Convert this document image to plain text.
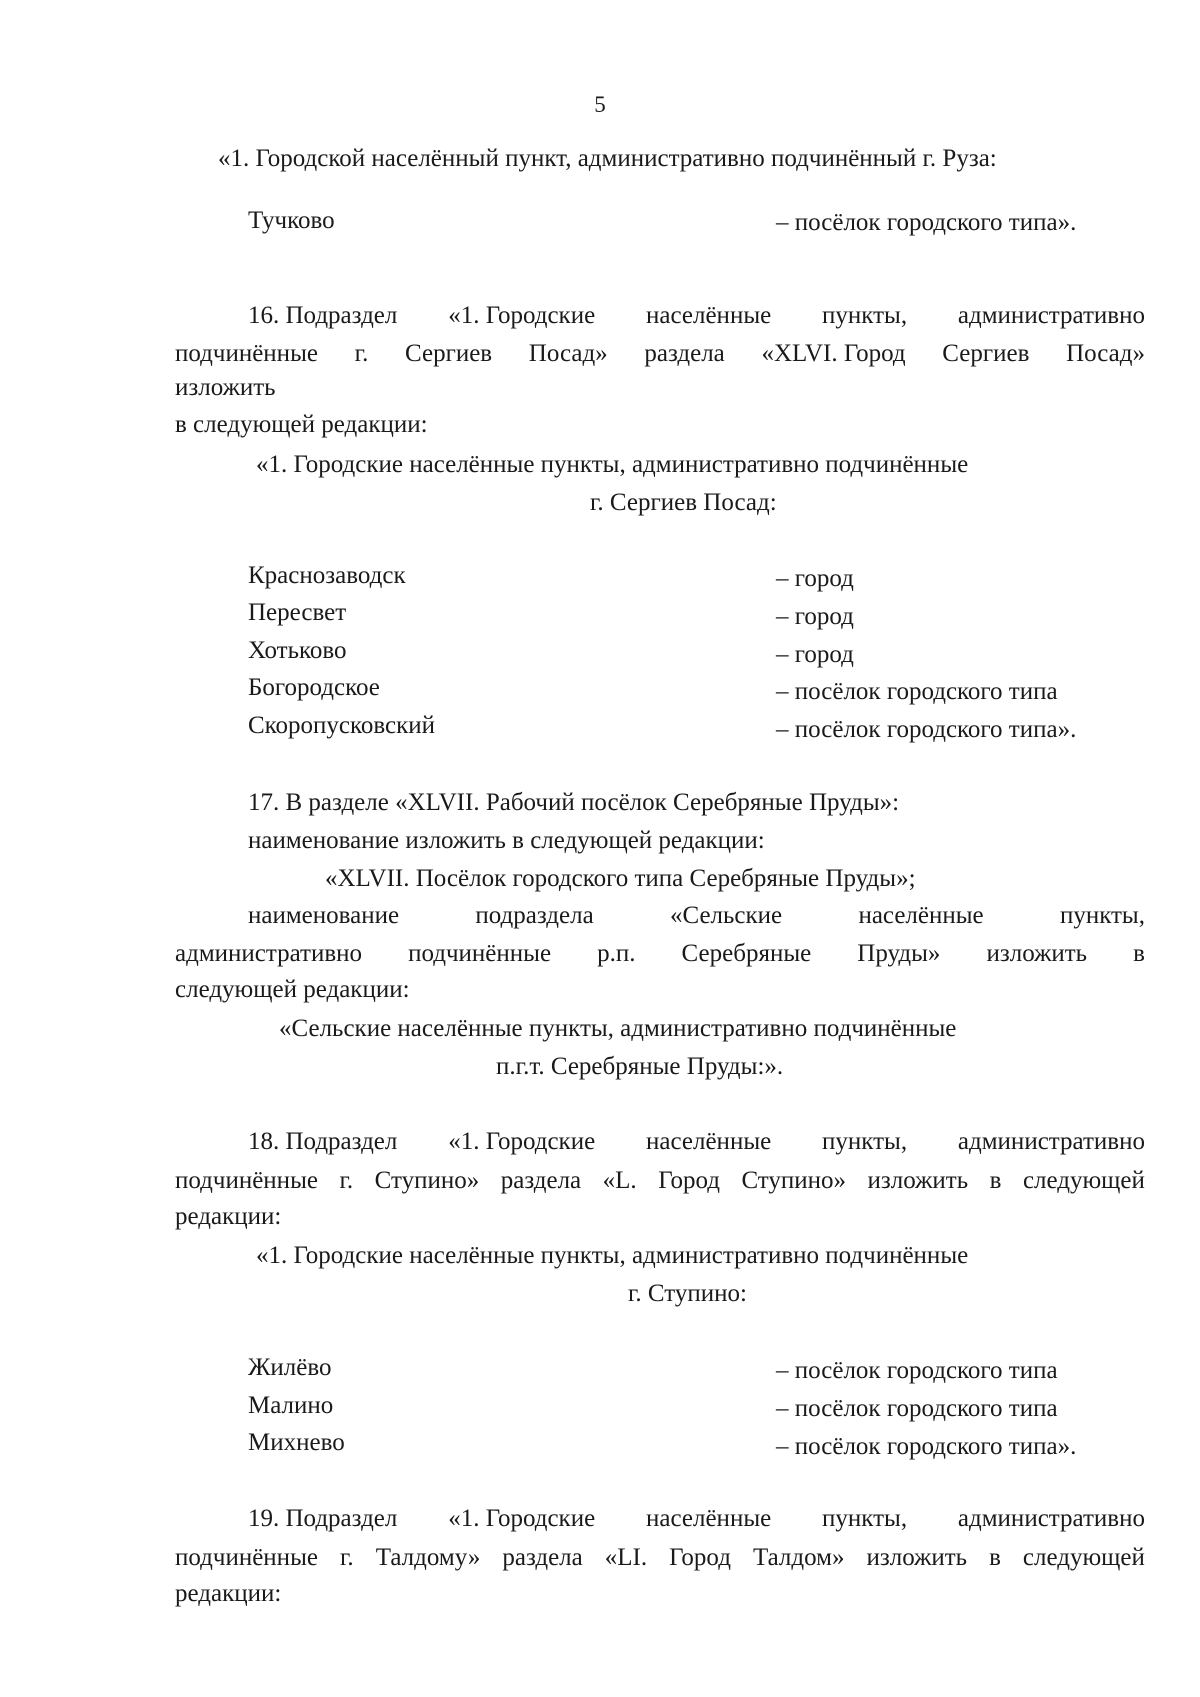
5
«1. Городской населённый пункт, административно подчинённый г. Руза:
Тучково	– посёлок городского типа».
16. Подраздел «1. Городские населённые пункты, административно
подчинённые г. Сергиев Посад» раздела «XLVI. Город Сергиев Посад»
изложить
в следующей редакции:
«1. Городские населённые пункты, административно подчинённые
г. Сергиев Посад:
Краснозаводск	– город
Пересвет	– город
Хотьково	– город
Богородское	– посёлок городского типа
Скоропусковский	– посёлок городского типа».
17. В разделе «XLVII. Рабочий посёлок Серебряные Пруды»:
наименование изложить в следующей редакции:
«XLVII. Посёлок городского типа Серебряные Пруды»;
наименование	подраздела	«Сельские	населённые	пункты,
административно подчинённые р.п. Серебряные Пруды» изложить в
следующей редакции:
«Сельские населённые пункты, административно подчинённые
п.г.т. Серебряные Пруды:».
18. Подраздел «1. Городские населённые пункты, административно
подчинённые г. Ступино» раздела «L. Город Ступино» изложить в следующей
редакции:
«1. Городские населённые пункты, административно подчинённые
г. Ступино:
Жилёво	– посёлок городского типа
Малино	– посёлок городского типа
Михнево	– посёлок городского типа».
19. Подраздел «1. Городские населённые пункты, административно
подчинённые г. Талдому» раздела «LI. Город Талдом» изложить в следующей
редакции:
